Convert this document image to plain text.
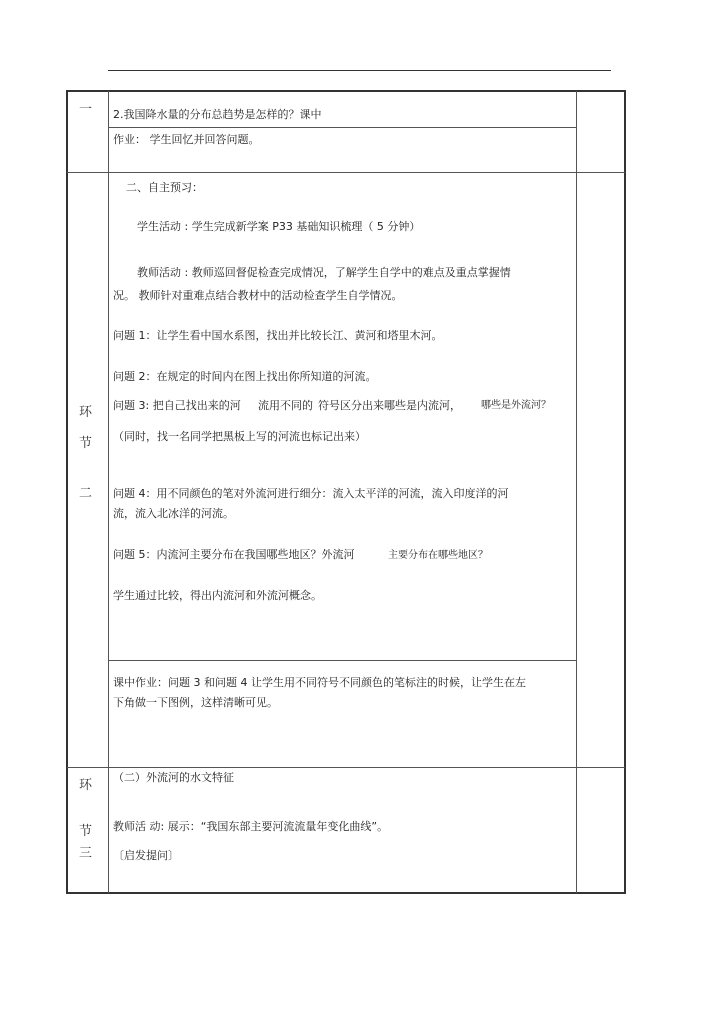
一 2.我国降水量的分布总趋势是怎样的？课中
作业： 学生回忆并回答问题。
环
节
二
二、自主预习：
学生活动 : 学生完成新学案 P33 基础知识梳理（ 5 分钟）
教师活动 : 教师巡回督促检查完成情况，了解学生自学中的难点及重点掌握情
况。 教师针对重难点结合教材中的活动检查学生自学情况。
问题 1：让学生看中国水系图，找出并比较长江、黄河和塔里木河。
问题 2：在规定的时间内在图上找出你所知道的河流。
问题 3: 把自己找出来的河 流用不同的 符号区分出来哪些是内流河， 哪些是外流河？
（同时，找一名同学把黑板上写的河流也标记出来）
问题 4：用不同颜色的笔对外流河进行细分：流入太平洋的河流，流入印度洋的河
流，流入北冰洋的河流。
问题 5：内流河主要分布在我国哪些地区？外流河	主要分布在哪些地区？
学生通过比较，得出内流河和外流河概念。
课中作业：问题 3 和问题 4 让学生用不同符号不同颜色的笔标注的时候，让学生在左
下角做一下图例，这样清晰可见。
环
节
三
（二）外流河的水文特征
教师活 动: 展示：“我国东部主要河流流量年变化曲线”。
〔启发提问〕
